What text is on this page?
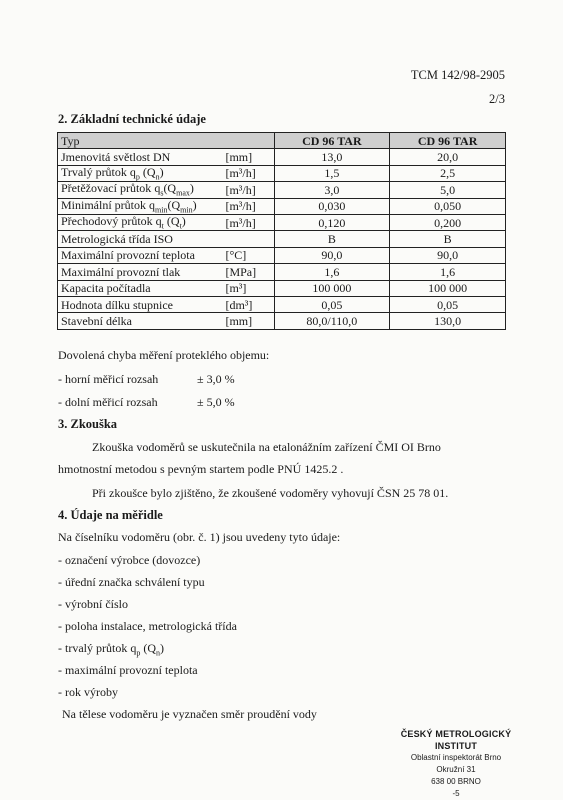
TCM 142/98-2905
2/3
2. Základní technické údaje
Typ		CD 96 TAR	CD 96 TAR
Jmenovitá světlost DN	[mm]	13,0	20,0
Trvalý průtok $q_p$ $(Q_n)$	[m³/h]	1,5	2,5
Přetěžovací průtok $q_s(Q_{max})$	[m³/h]	3,0	5,0
Minimální průtok $q_{min}(Q_{min})$	[m³/h]	0,030	0,050
Přechodový průtok $q_t$ $(Q_t)$	[m³/h]	0,120	0,200
Metrologická třída ISO		B	B
Maximální provozní teplota	[°C]	90,0	90,0
Maximální provozní tlak	[MPa]	1,6	1,6
Kapacita počítadla	[m³]	100 000	100 000
Hodnota dílku stupnice	[dm³]	0,05	0,05
Stavební délka	[mm]	80,0/110,0	130,0
Dovolená chyba měření proteklého objemu:
- horní měřicí rozsah	± 3,0 %
- dolní měřicí rozsah	± 5,0 %
3. Zkouška
Zkouška vodoměrů se uskutečnila na etalonážním zařízení ČMI OI Brno
hmotnostní metodou s pevným startem podle PNÚ 1425.2 .
Při zkoušce bylo zjištěno, že zkoušené vodoměry vyhovují ČSN 25 78 01.
4. Údaje na měřidle
Na číselníku vodoměru (obr. č. 1) jsou uvedeny tyto údaje:
- označení výrobce (dovozce)
- úřední značka schválení typu
- výrobní číslo
- poloha instalace, metrologická třída
- trvalý průtok $q_p$ $(Q_n)$
- maximální provozní teplota
- rok výroby
Na tělese vodoměru je vyznačen směr proudění vody
ČESKÝ METROLOGICKÝ INSTITUT
Oblastní inspektorát Brno
Okružní 31
638 00 BRNO
-5
